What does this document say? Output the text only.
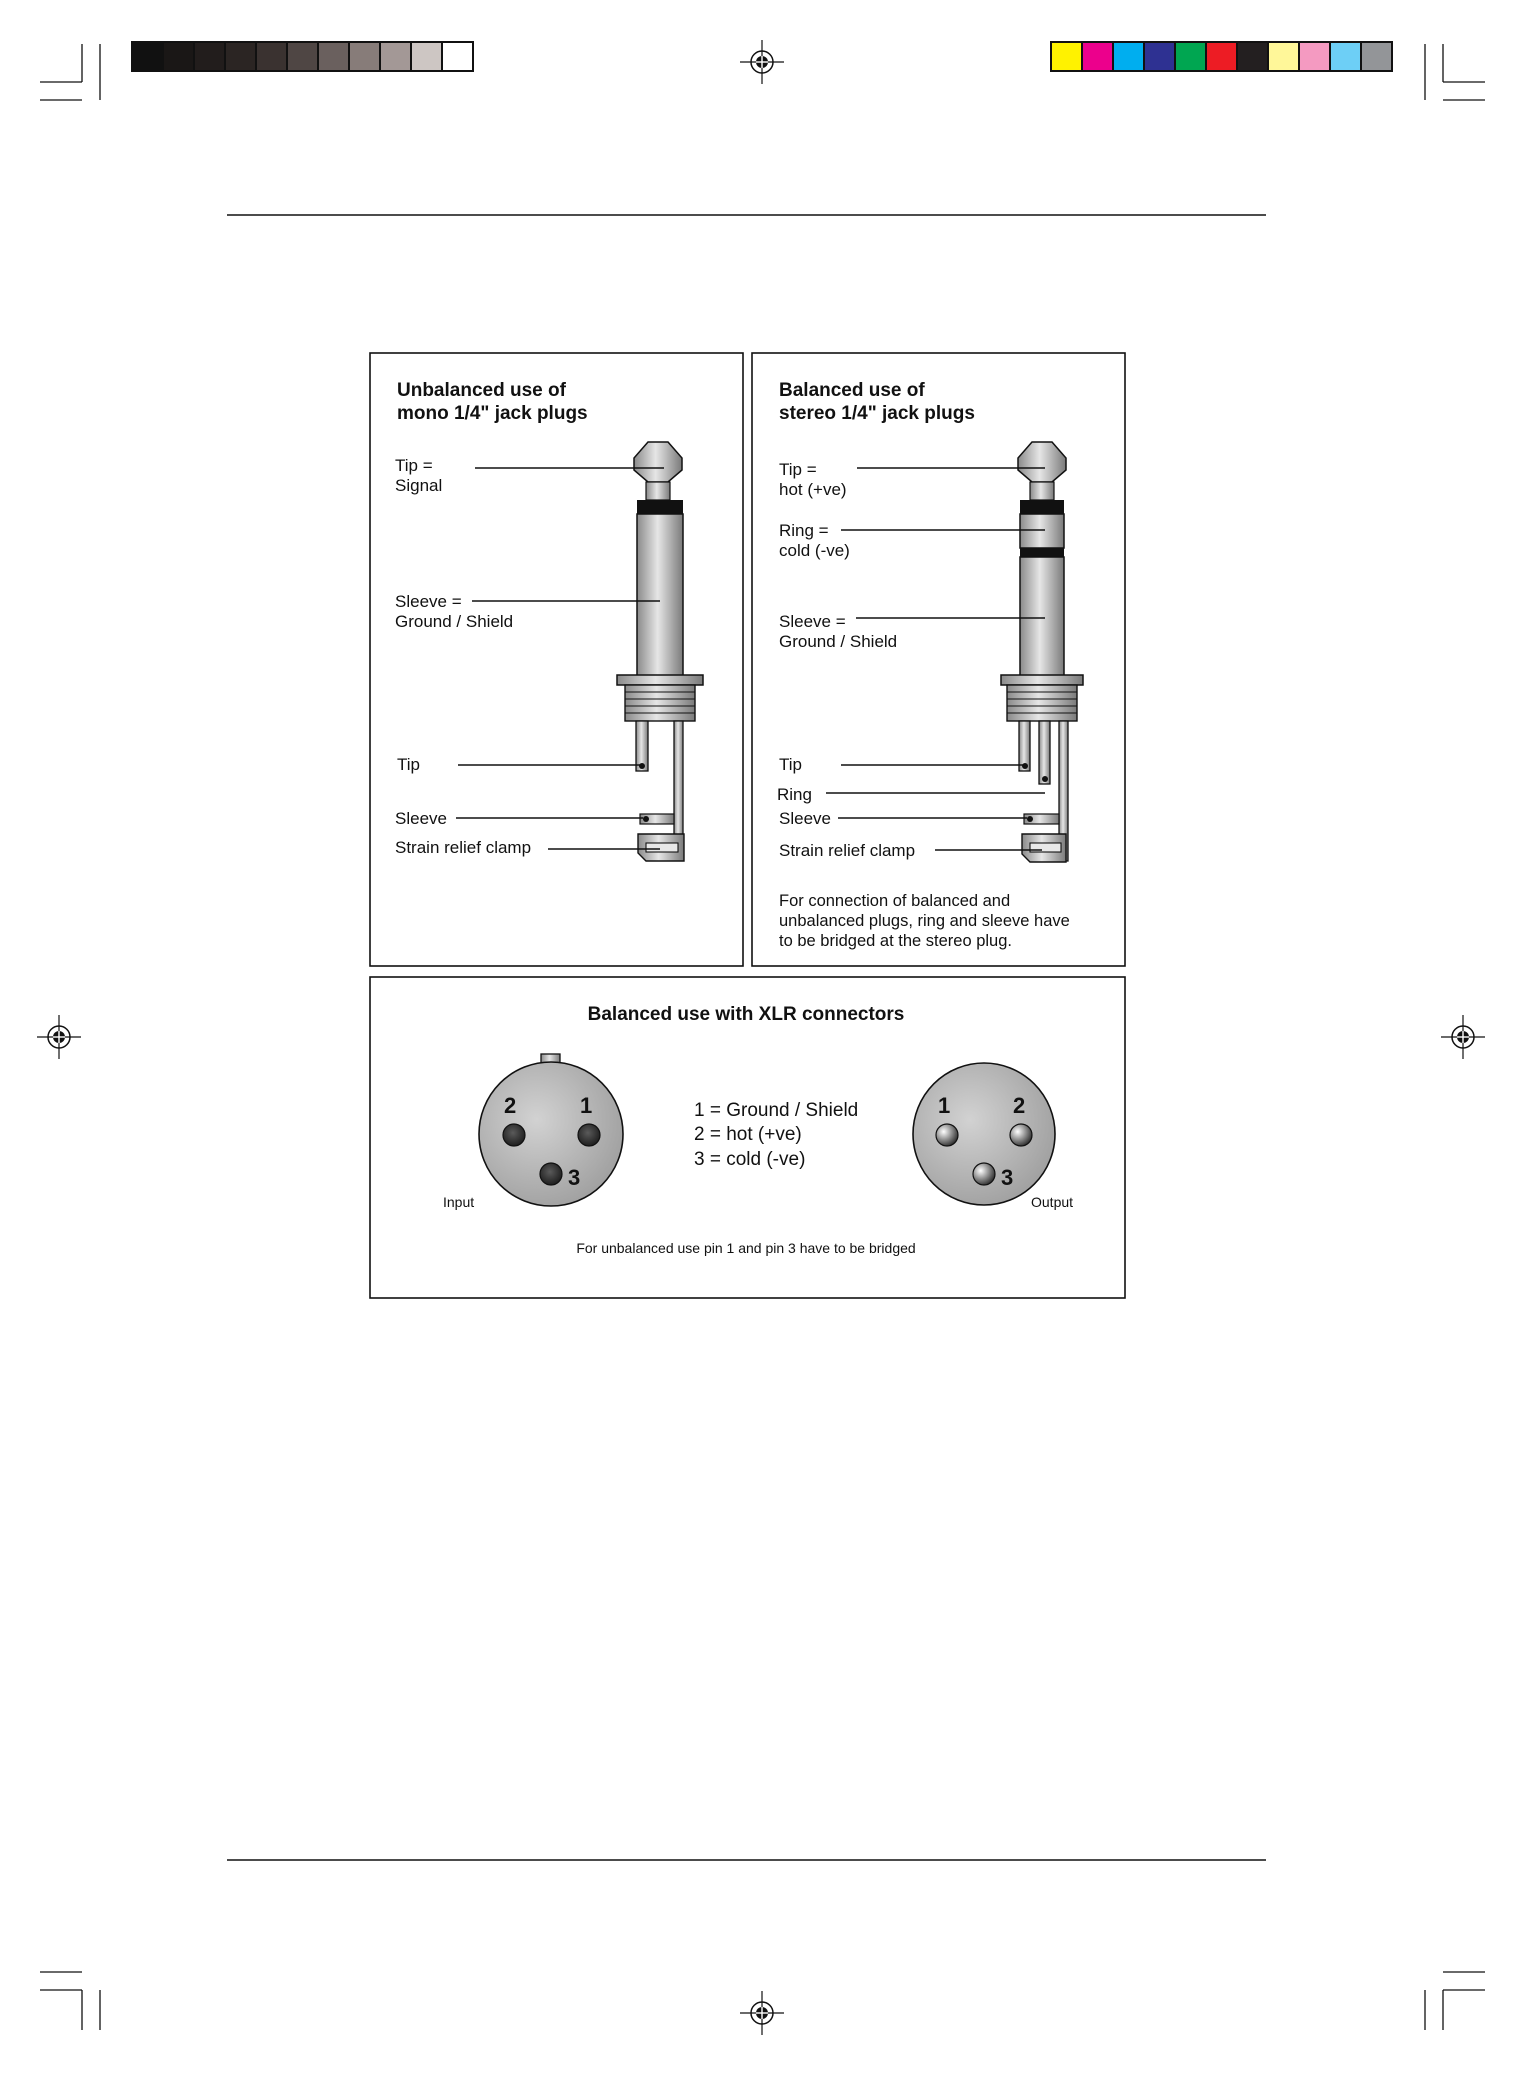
Unbalanced use of
mono 1/4" jack plugs
Tip =
Signal
Sleeve =
Ground / Shield
Tip
Sleeve
Strain relief clamp
Balanced use of
stereo 1/4" jack plugs
Tip =
hot (+ve)
Ring =
cold (-ve)
Sleeve =
Ground / Shield
Tip
Ring
Sleeve
Strain relief clamp
For connection of balanced and
unbalanced plugs, ring and sleeve have
to be bridged at the stereo plug.
Balanced use with XLR connectors
2	1
3
Input
1 = Ground / Shield
2 = hot (+ve)
3 = cold (-ve)
1	2
3
Output
For unbalanced use pin 1 and pin 3 have to be bridged
